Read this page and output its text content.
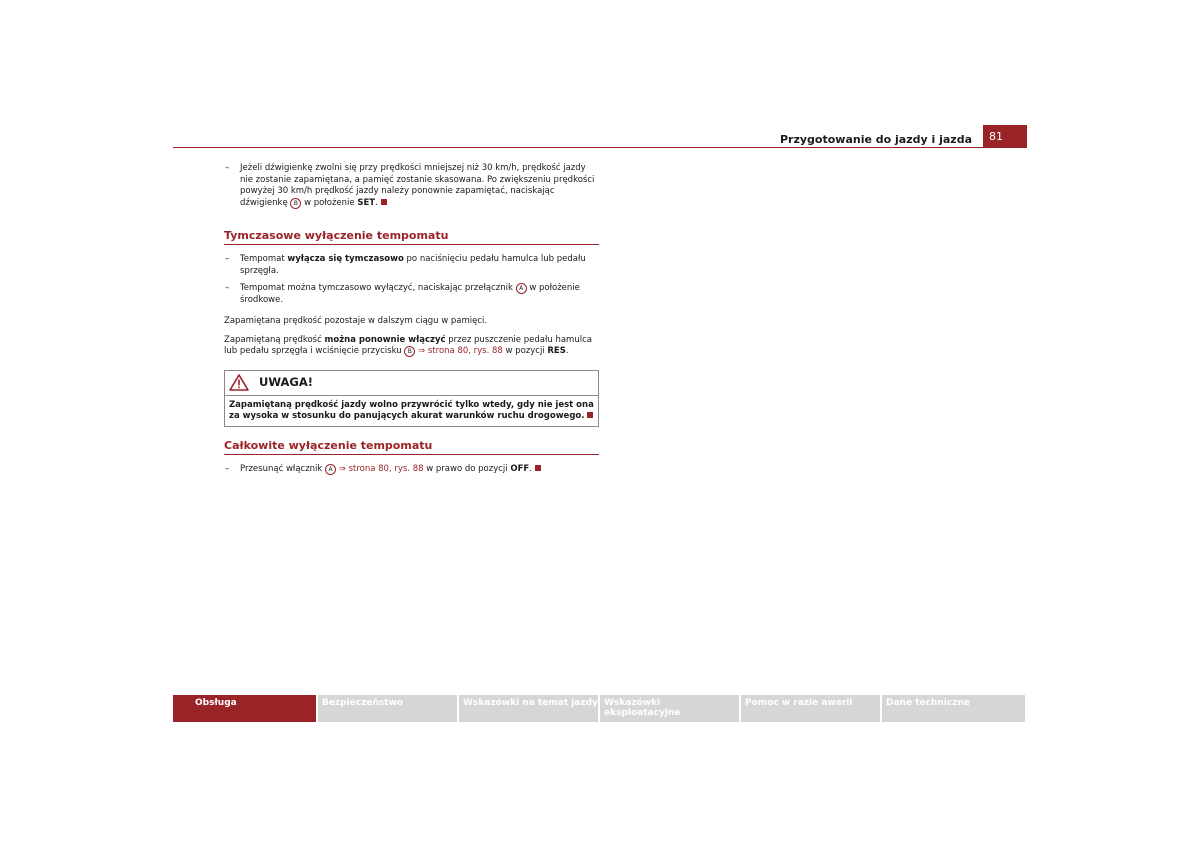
Przygotowanie do jazdy i jazda	81

– Jeżeli dźwigienkę zwolni się przy prędkości mniejszej niż 30 km/h, prędkość jazdy nie zostanie zapamiętana, a pamięć zostanie skasowana. Po zwiększeniu prędkości powyżej 30 km/h prędkość jazdy należy ponownie zapamiętać, naciskając dźwigienkę B w położenie SET.

Tymczasowe wyłączenie tempomatu

– Tempomat wyłącza się tymczasowo po naciśnięciu pedału hamulca lub pedału sprzęgła.

– Tempomat można tymczasowo wyłączyć, naciskając przełącznik A w położenie środkowe.

Zapamiętana prędkość pozostaje w dalszym ciągu w pamięci.

Zapamiętaną prędkość można ponownie włączyć przez puszczenie pedału hamulca lub pedału sprzęgła i wciśnięcie przycisku B ⇒ strona 80, rys. 88 w pozycji RES.

UWAGA!
Zapamiętaną prędkość jazdy wolno przywrócić tylko wtedy, gdy nie jest ona za wysoka w stosunku do panujących akurat warunków ruchu drogowego.
Całkowite wyłączenie tempomatu

– Przesunąć włącznik A ⇒ strona 80, rys. 88 w prawo do pozycji OFF.

Obsługa	Bezpieczeństwo	Wskazówki na temat jazdy Wskazówki eksploatacyjne
Pomoc w razie awarii	Dane techniczne
